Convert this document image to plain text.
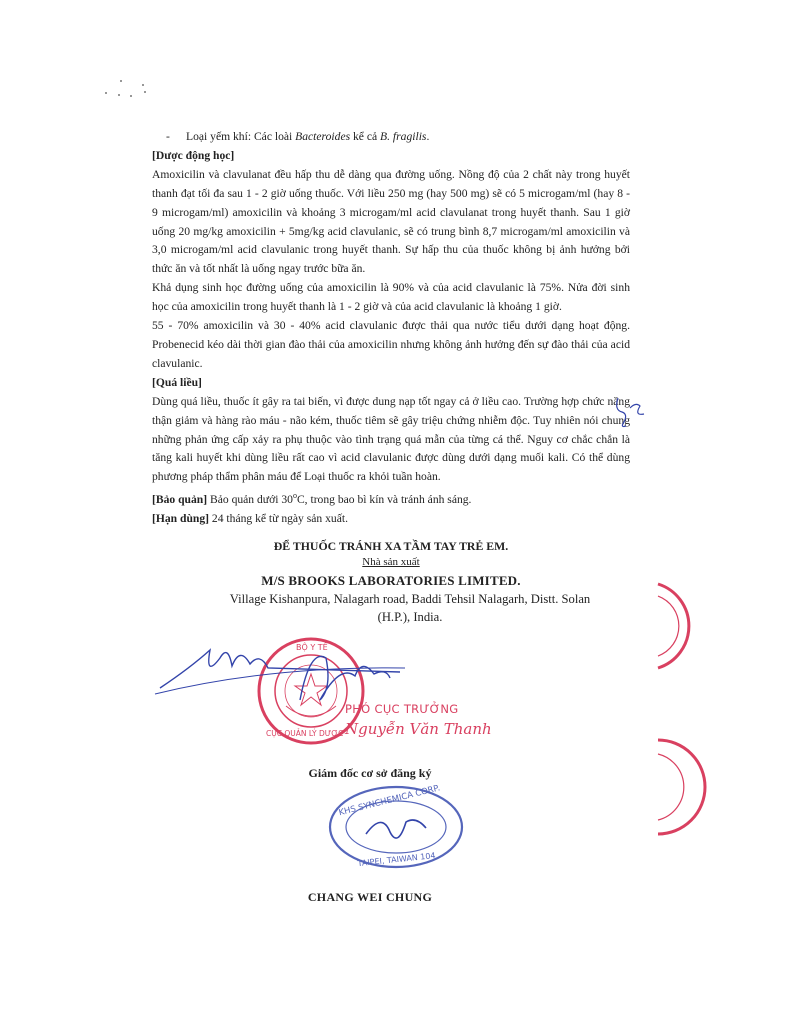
- Loại yếm khí: Các loài Bacteroides kể cả B. fragilis.

[Dược động học]

Amoxicilin và clavulanat đều hấp thu dễ dàng qua đường uống. Nồng độ của 2 chất này trong huyết thanh đạt tối đa sau 1 - 2 giờ uống thuốc. Với liều 250 mg (hay 500 mg) sẽ có 5 microgam/ml (hay 8 - 9 microgam/ml) amoxicilin và khoảng 3 microgam/ml acid clavulanat trong huyết thanh. Sau 1 giờ uống 20 mg/kg amoxicilin + 5mg/kg acid clavulanic, sẽ có trung bình 8,7 microgam/ml amoxicilin và 3,0 microgam/ml acid clavulanic trong huyết thanh. Sự hấp thu của thuốc không bị ảnh hưởng bởi thức ăn và tốt nhất là uống ngay trước bữa ăn.

Khả dụng sinh học đường uống của amoxicilin là 90% và của acid clavulanic là 75%. Nửa đời sinh học của amoxicilin trong huyết thanh là 1 - 2 giờ và của acid clavulanic là khoảng 1 giờ.

55 - 70% amoxicilin và 30 - 40% acid clavulanic được thải qua nước tiểu dưới dạng hoạt động. Probenecid kéo dài thời gian đào thải của amoxicilin nhưng không ảnh hưởng đến sự đào thải của acid clavulanic.

[Quá liều]

Dùng quá liều, thuốc ít gây ra tai biến, vì được dung nạp tốt ngay cả ở liều cao. Trường hợp chức năng thận giảm và hàng rào máu - não kém, thuốc tiêm sẽ gây triệu chứng nhiễm độc. Tuy nhiên nói chung những phản ứng cấp xảy ra phụ thuộc vào tình trạng quá mẫn của từng cá thể. Nguy cơ chắc chắn là tăng kali huyết khi dùng liều rất cao vì acid clavulanic được dùng dưới dạng muối kali. Có thể dùng phương pháp thẩm phân máu để Loại thuốc ra khỏi tuần hoàn.

[Bảo quản] Bảo quản dưới 30$^o$C, trong bao bì kín và tránh ánh sáng.

[Hạn dùng] 24 tháng kể từ ngày sản xuất.

ĐỂ THUỐC TRÁNH XA TẦM TAY TRẺ EM.
Nhà sản xuất
M/S BROOKS LABORATORIES LIMITED.
Village Kishanpura, Nalagarh road, Baddi Tehsil Nalagarh, Distt. Solan
(H.P.), India.
BỘ Y TẾ
CỤC QUẢN LÝ DƯỢC
PHÓ CỤC TRƯỞNG
Nguyễn Văn Thanh
Giám đốc cơ sở đăng ký
KHS SYNCHEMICA CORP.
TAIPEI, TAIWAN 104
CHANG WEI CHUNG
